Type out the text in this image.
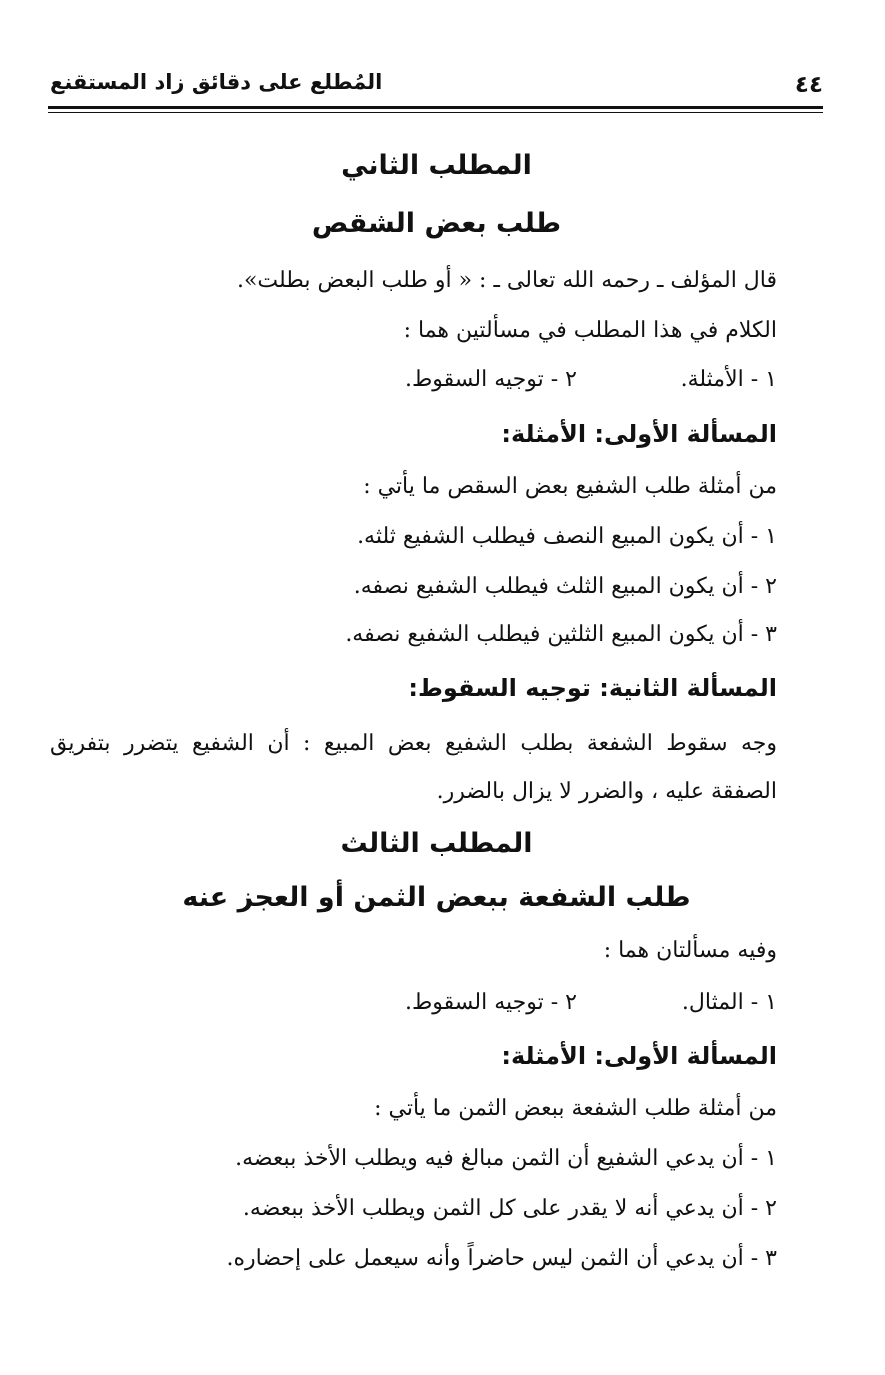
٤٤
المُطلع على دقائق زاد المستقنع
المطلب الثاني
طلب بعض الشقص
قال المؤلف ـ رحمه الله تعالى ـ : « أو طلب البعض بطلت».
الكلام في هذا المطلب في مسألتين هما :
١ - الأمثلة.
٢ - توجيه السقوط.
المسألة الأولى: الأمثلة:
من أمثلة طلب الشفيع بعض السقص ما يأتي :
١ - أن يكون المبيع النصف فيطلب الشفيع ثلثه.
٢ - أن يكون المبيع الثلث فيطلب الشفيع نصفه.
٣ - أن يكون المبيع الثلثين فيطلب الشفيع نصفه.
المسألة الثانية: توجيه السقوط:
وجه سقوط الشفعة بطلب الشفيع بعض المبيع : أن الشفيع يتضرر بتفريق الصفقة عليه ، والضرر لا يزال بالضرر.
المطلب الثالث
طلب الشفعة ببعض الثمن أو العجز عنه
وفيه مسألتان هما :
١ - المثال.
٢ - توجيه السقوط.
المسألة الأولى: الأمثلة:
من أمثلة طلب الشفعة ببعض الثمن ما يأتي :
١ - أن يدعي الشفيع أن الثمن مبالغ فيه ويطلب الأخذ ببعضه.
٢ - أن يدعي أنه لا يقدر على كل الثمن ويطلب الأخذ ببعضه.
٣ - أن يدعي أن الثمن ليس حاضراً وأنه سيعمل على إحضاره.
